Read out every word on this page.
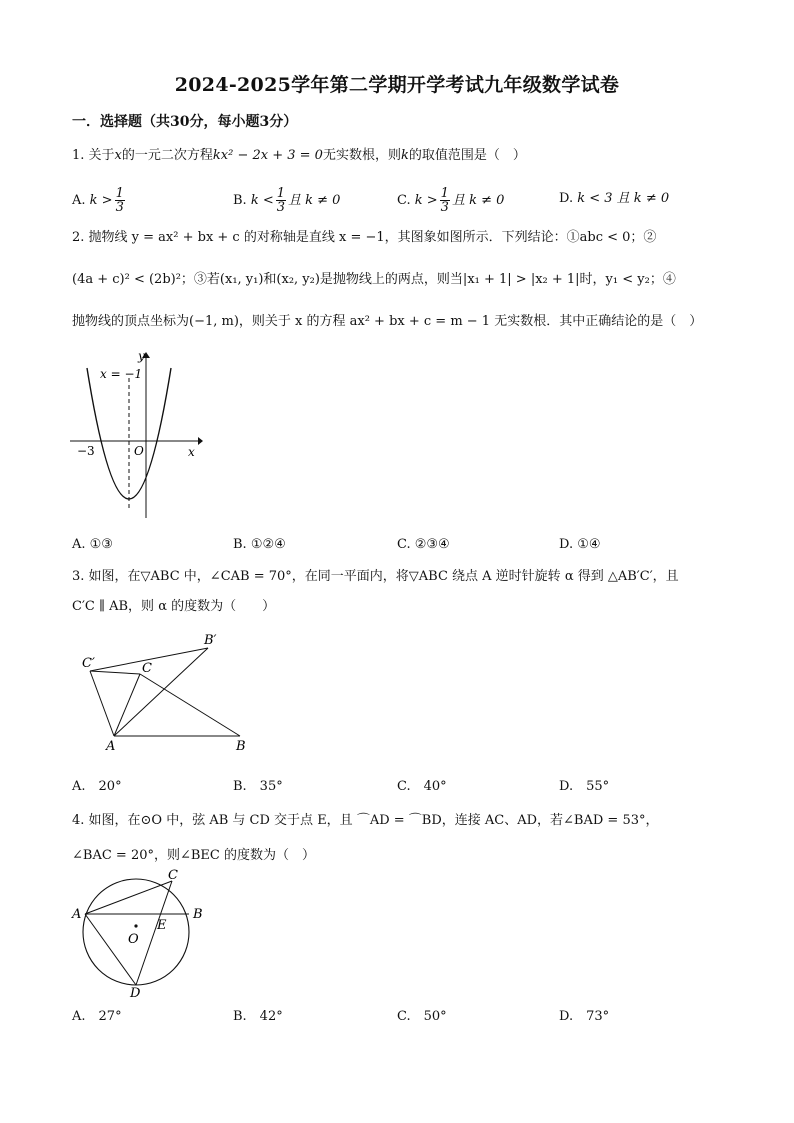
2024-2025学年第二学期开学考试九年级数学试卷
一．选择题（共30分，每小题3分）
1. 关于x的一元二次方程kx² − 2x + 3 = 0无实数根，则k的取值范围是（　）
A. $k > \frac{1}{3}$	B. $k < \frac{1}{3}$ 且 k ≠ 0	C. $k > \frac{1}{3}$ 且 k ≠ 0	D. k < 3 且 k ≠ 0
2. 抛物线 y = ax² + bx + c 的对称轴是直线 x = −1，其图象如图所示．下列结论：①abc < 0；②
(4a + c)² < (2b)²；③若(x₁, y₁)和(x₂, y₂)是抛物线上的两点，则当|x₁ + 1| > |x₂ + 1|时，y₁ < y₂；④
抛物线的顶点坐标为(−1, m)，则关于 x 的方程 ax² + bx + c = m − 1 无实数根．其中正确结论的是（　）
x = −1
y
x
O
−3
A. ①③	B. ①②④	C. ②③④	D. ①④
3. 如图，在▽ABC 中，∠CAB = 70°，在同一平面内，将▽ABC 绕点 A 逆时针旋转 α 得到 △AB′C′，且
C′C ∥ AB，则 α 的度数为（　　）
A	B
C
C′
B′
A.　20°	B.　35°	C.　40°	D.　55°
4. 如图，在⊙O 中，弦 AB 与 CD 交于点 E，且 ⌒AD = ⌒BD，连接 AC、AD，若∠BAD = 53°，
∠BAC = 20°，则∠BEC 的度数为（　）
A	B
C
D
E
O
A.　27°	B.　42°	C.　50°	D.　73°
